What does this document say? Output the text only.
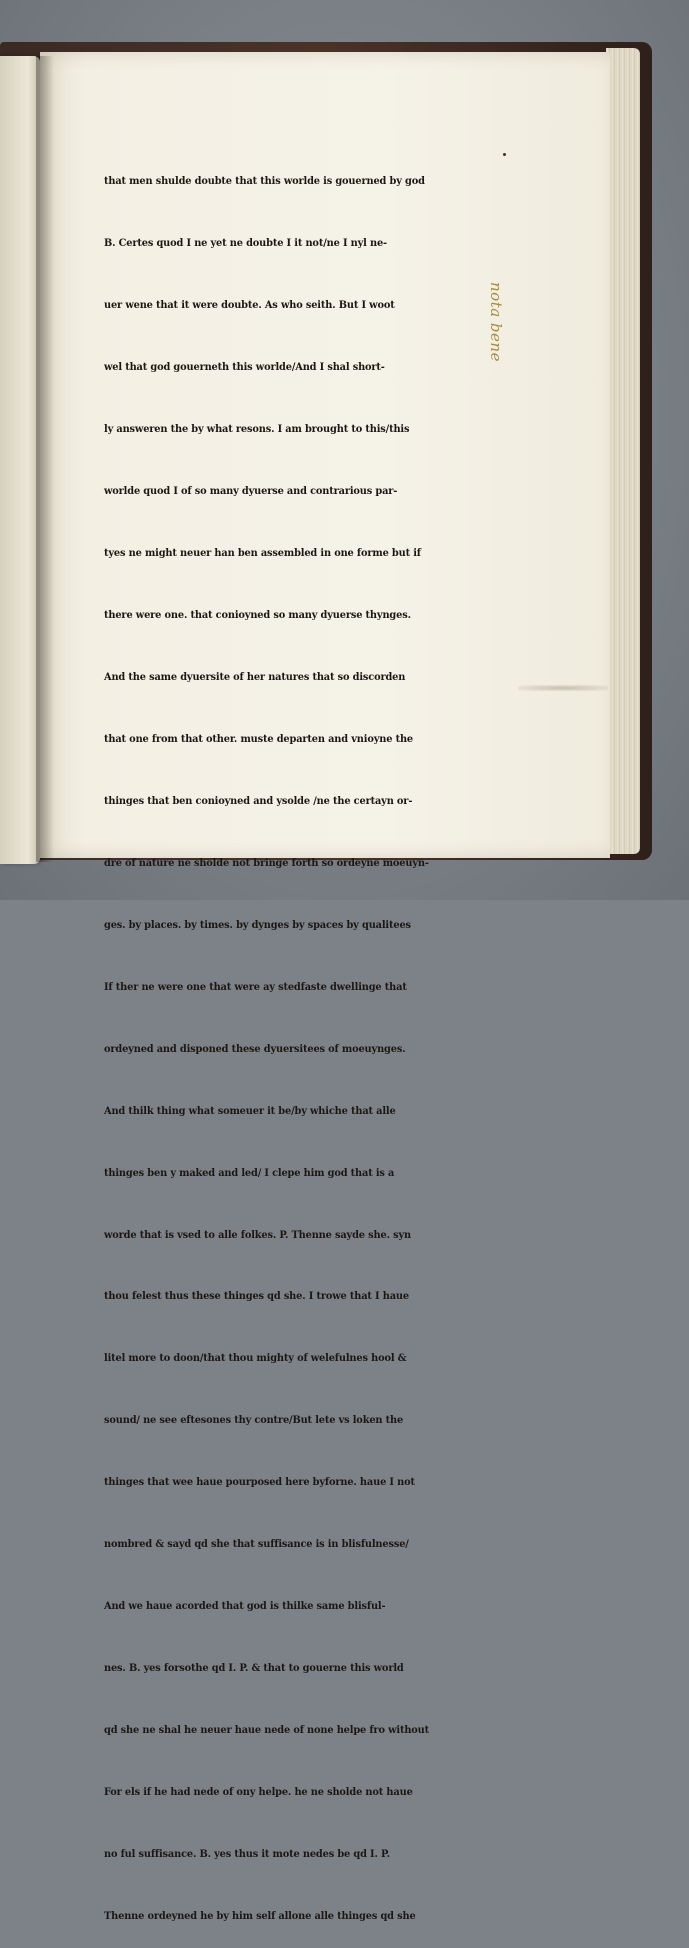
that men shulde doubte that this worlde is gouerned by god

B. Certes quod I ne yet ne doubte I it not/ne I nyl ne-

uer wene that it were doubte. As who seith. But I woot

wel that god gouerneth this worlde/And I shal short-

ly answeren the by what resons. I am brought to this/this

worlde quod I of so many dyuerse and contrarious par-

tyes ne might neuer han ben assembled in one forme but if

there were one. that conioyned so many dyuerse thynges.

And the same dyuersite of her natures that so discorden

that one from that other. muste departen and vnioyne the

thinges that ben conioyned and ysolde /ne the certayn or-

dre of nature ne sholde not bringe forth so ordeyne moeuyn-

ges. by places. by times. by dynges by spaces by qualitees

If ther ne were one that were ay stedfaste dwellinge that

ordeyned and disponed these dyuersitees of moeuynges.

And thilk thing what someuer it be/by whiche that alle

thinges ben y maked and led/ I clepe him god that is a

worde that is vsed to alle folkes. P. Thenne sayde she. syn

thou felest thus these thinges qd she. I trowe that I haue

litel more to doon/that thou mighty of welefulnes hool &

sound/ ne see eftesones thy contre/But lete vs loken the

thinges that wee haue pourposed here byforne. haue I not

nombred & sayd qd she that suffisance is in blisfulnesse/

And we haue acorded that god is thilke same blisful-

nes. B. yes forsothe qd I. P. & that to gouerne this world

qd she ne shal he neuer haue nede of none helpe fro without

For els if he had nede of ony helpe. he ne sholde not haue

no ful suffisance. B. yes thus it mote nedes be qd I. P.

Thenne ordeyned he by him self allone alle thinges qd she

nota bene
